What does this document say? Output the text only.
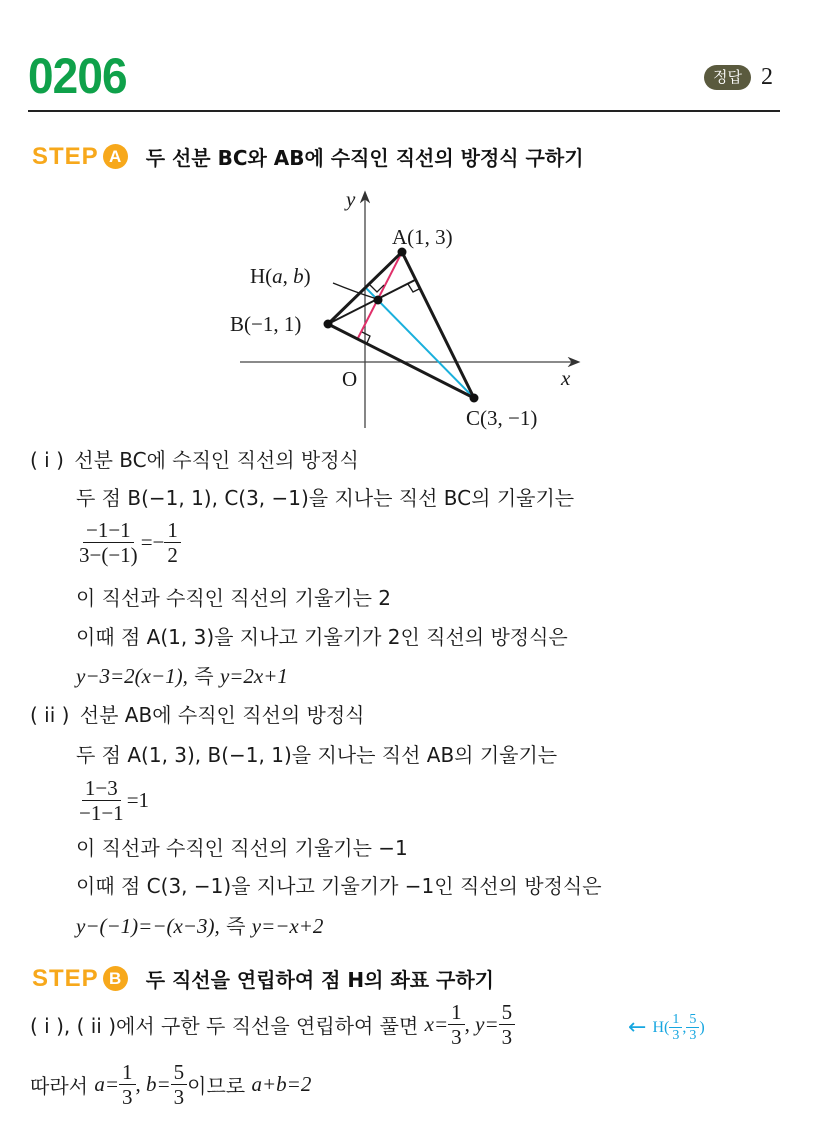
0206	정답 2
STEP A	두 선분 BC와 AB에 수직인 직선의 방정식 구하기
y
x
O
A(1, 3)
B(−1, 1)
C(3, −1)
H(a, b)
( i ) 선분 BC에 수직인 직선의 방정식
두 점 B(−1, 1), C(3, −1)을 지나는 직선 BC의 기울기는
$\frac{-1-1}{3-(-1)} =- \frac{1}{2}$
이 직선과 수직인 직선의 기울기는 2
이때 점 A(1, 3)을 지나고 기울기가 2인 직선의 방정식은
y−3=2(x−1), 즉 y=2x+1
( ii ) 선분 AB에 수직인 직선의 방정식
두 점 A(1, 3), B(−1, 1)을 지나는 직선 AB의 기울기는
$\frac{1-3}{-1-1} =1$
이 직선과 수직인 직선의 기울기는 −1
이때 점 C(3, −1)을 지나고 기울기가 −1인 직선의 방정식은
y−(−1)=−(x−3), 즉 y=−x+2
STEP B	두 직선을 연립하여 점 H의 좌표 구하기
( i ), ( ii )에서 구한 두 직선을 연립하여 풀면 $x= \frac{1}{3}$ , $y= \frac{5}{3}$	← $H( \frac{1}{3}$ , $\frac{5}{3}$ )
따라서 $a= \frac{1}{3}$ , $b= \frac{5}{3}$ 이므로 a+b=2
